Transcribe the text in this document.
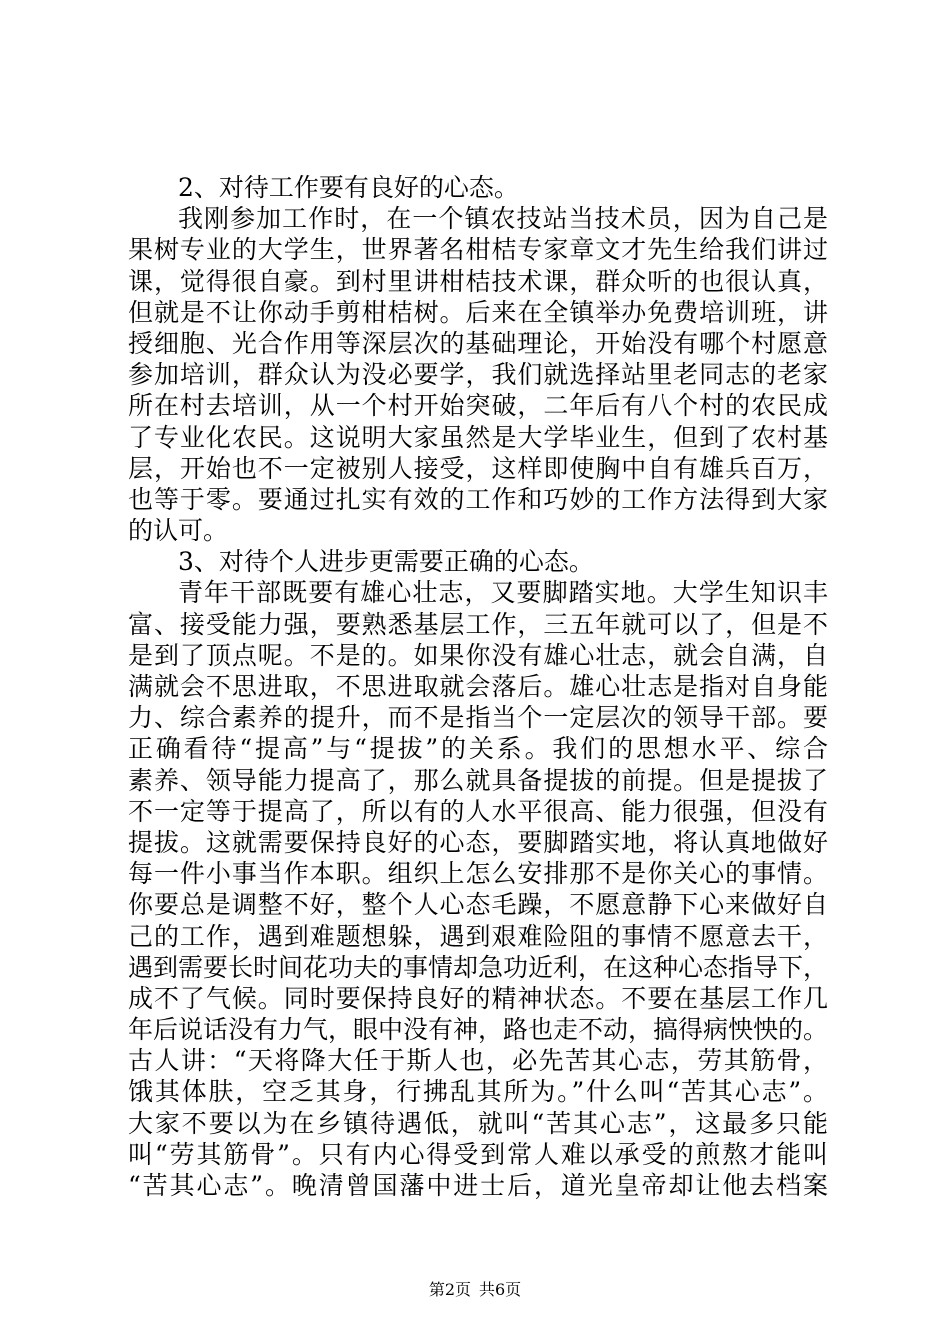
2、对待工作要有良好的心态。
我刚参加工作时，在一个镇农技站当技术员，因为自己是
果树专业的大学生，世界著名柑桔专家章文才先生给我们讲过
课，觉得很自豪。到村里讲柑桔技术课，群众听的也很认真，
但就是不让你动手剪柑桔树。后来在全镇举办免费培训班，讲
授细胞、光合作用等深层次的基础理论，开始没有哪个村愿意
参加培训，群众认为没必要学，我们就选择站里老同志的老家
所在村去培训，从一个村开始突破，二年后有八个村的农民成
了专业化农民。这说明大家虽然是大学毕业生，但到了农村基
层，开始也不一定被别人接受，这样即使胸中自有雄兵百万，
也等于零。要通过扎实有效的工作和巧妙的工作方法得到大家
的认可。
3、对待个人进步更需要正确的心态。
青年干部既要有雄心壮志，又要脚踏实地。大学生知识丰
富、接受能力强，要熟悉基层工作，三五年就可以了，但是不
是到了顶点呢。不是的。如果你没有雄心壮志，就会自满，自
满就会不思进取，不思进取就会落后。雄心壮志是指对自身能
力、综合素养的提升，而不是指当个一定层次的领导干部。要
正确看待“提高”与“提拔”的关系。我们的思想水平、综合
素养、领导能力提高了，那么就具备提拔的前提。但是提拔了
不一定等于提高了，所以有的人水平很高、能力很强，但没有
提拔。这就需要保持良好的心态，要脚踏实地，将认真地做好
每一件小事当作本职。组织上怎么安排那不是你关心的事情。
你要总是调整不好，整个人心态毛躁，不愿意静下心来做好自
己的工作，遇到难题想躲，遇到艰难险阻的事情不愿意去干，
遇到需要长时间花功夫的事情却急功近利，在这种心态指导下，
成不了气候。同时要保持良好的精神状态。不要在基层工作几
年后说话没有力气，眼中没有神，路也走不动，搞得病怏怏的。
古人讲：“天将降大任于斯人也，必先苦其心志，劳其筋骨，
饿其体肤，空乏其身，行拂乱其所为。”什么叫“苦其心志”。
大家不要以为在乡镇待遇低，就叫“苦其心志”，这最多只能
叫“劳其筋骨”。只有内心得受到常人难以承受的煎熬才能叫
“苦其心志”。晚清曾国藩中进士后，道光皇帝却让他去档案
第2页 共6页
